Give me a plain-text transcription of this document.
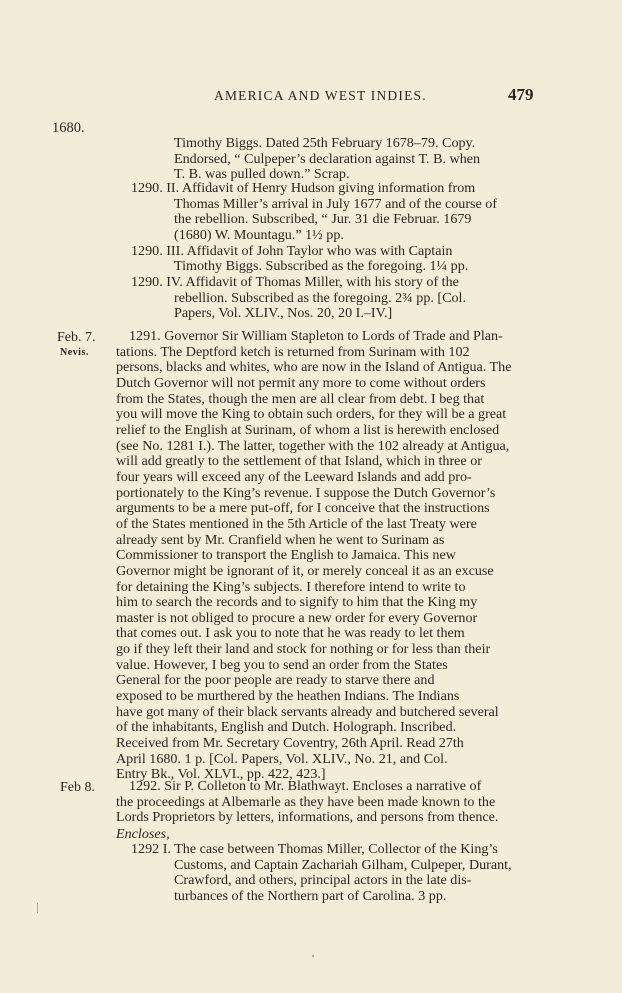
AMERICA AND WEST INDIES.	479
1680.
Timothy Biggs. Dated 25th February 1678–79. Copy.
Endorsed, “ Culpeper’s declaration against T. B. when
T. B. was pulled down.” Scrap.
1290. II. Affidavit of Henry Hudson giving information from
Thomas Miller’s arrival in July 1677 and of the course of
the rebellion. Subscribed, “ Jur. 31 die Februar. 1679
(1680) W. Mountagu.” 1½ pp.
1290. III. Affidavit of John Taylor who was with Captain
Timothy Biggs. Subscribed as the foregoing. 1¼ pp.
1290. IV. Affidavit of Thomas Miller, with his story of the
rebellion. Subscribed as the foregoing. 2¾ pp. [Col.
Papers, Vol. XLIV., Nos. 20, 20 I.–IV.]
Feb. 7.
Nevis.
1291. Governor Sir William Stapleton to Lords of Trade and Plan-
tations. The Deptford ketch is returned from Surinam with 102
persons, blacks and whites, who are now in the Island of Antigua. The
Dutch Governor will not permit any more to come without orders
from the States, though the men are all clear from debt. I beg that
you will move the King to obtain such orders, for they will be a great
relief to the English at Surinam, of whom a list is herewith enclosed
(see No. 1281 I.). The latter, together with the 102 already at Antigua,
will add greatly to the settlement of that Island, which in three or
four years will exceed any of the Leeward Islands and add pro-
portionately to the King’s revenue. I suppose the Dutch Governor’s
arguments to be a mere put-off, for I conceive that the instructions
of the States mentioned in the 5th Article of the last Treaty were
already sent by Mr. Cranfield when he went to Surinam as
Commissioner to transport the English to Jamaica. This new
Governor might be ignorant of it, or merely conceal it as an excuse
for detaining the King’s subjects. I therefore intend to write to
him to search the records and to signify to him that the King my
master is not obliged to procure a new order for every Governor
that comes out. I ask you to note that he was ready to let them
go if they left their land and stock for nothing or for less than their
value. However, I beg you to send an order from the States
General for the poor people are ready to starve there and
exposed to be murthered by the heathen Indians. The Indians
have got many of their black servants already and butchered several
of the inhabitants, English and Dutch. Holograph. Inscribed.
Received from Mr. Secretary Coventry, 26th April. Read 27th
April 1680. 1 p. [Col. Papers, Vol. XLIV., No. 21, and Col.
Entry Bk., Vol. XLVI., pp. 422, 423.]
Feb 8.	1292. Sir P. Colleton to Mr. Blathwayt. Encloses a narrative of
the proceedings at Albemarle as they have been made known to the
Lords Proprietors by letters, informations, and persons from thence.
Encloses,
1292 I. The case between Thomas Miller, Collector of the King’s
Customs, and Captain Zachariah Gilham, Culpeper, Durant,
Crawford, and others, principal actors in the late dis-
turbances of the Northern part of Carolina. 3 pp.
